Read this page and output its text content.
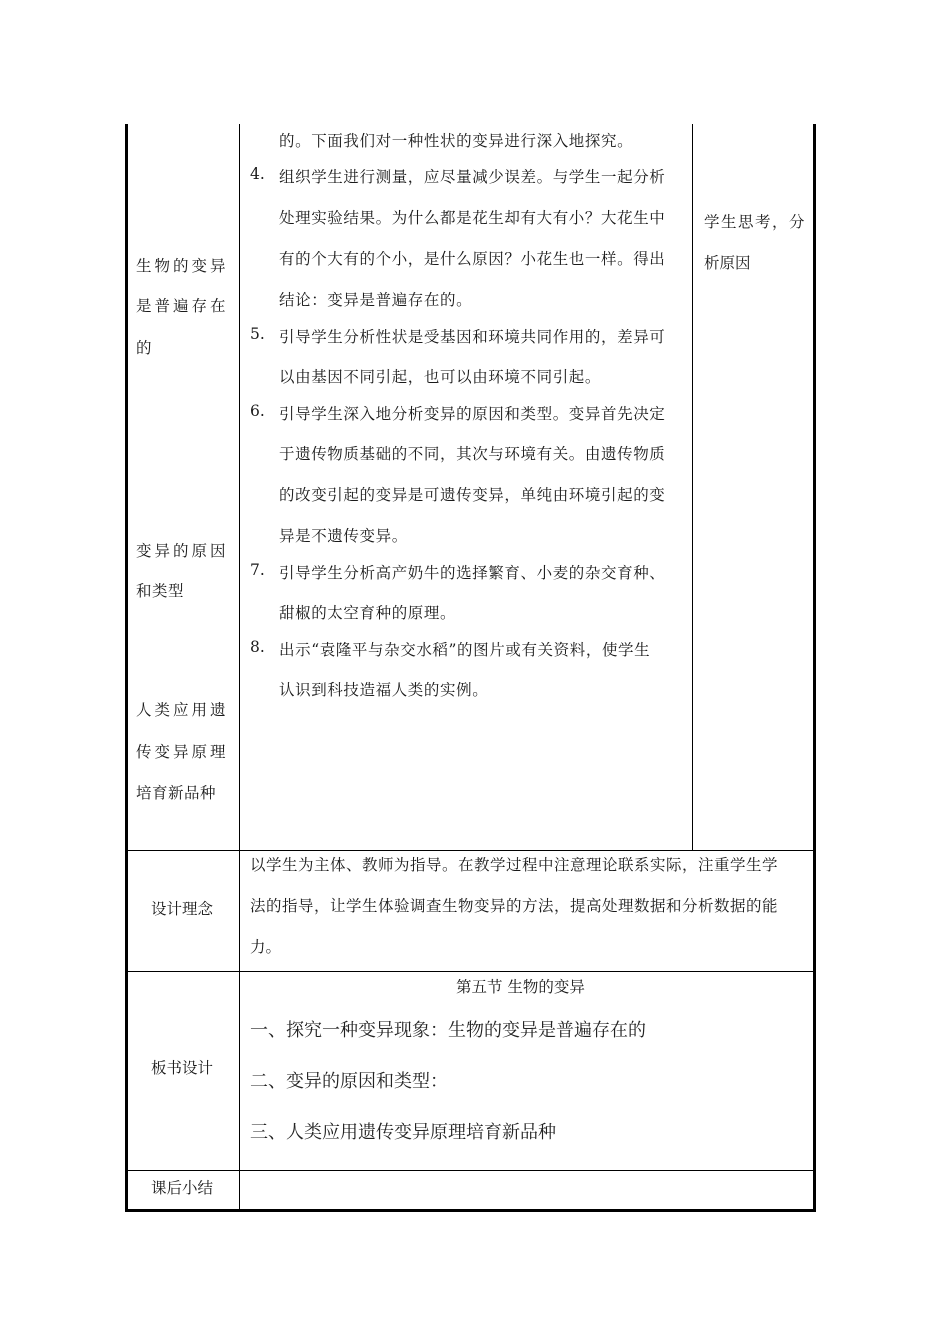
生物的变异
是普遍存在
的
变异的原因
和类型
人类应用遗
传变异原理
培育新品种
的。下面我们对一种性状的变异进行深入地探究。
4. 组织学生进行测量，应尽量减少误差。与学生一起分析
处理实验结果。为什么都是花生却有大有小？大花生中
有的个大有的个小，是什么原因？小花生也一样。得出
结论：变异是普遍存在的。
5. 引导学生分析性状是受基因和环境共同作用的，差异可
以由基因不同引起，也可以由环境不同引起。
6. 引导学生深入地分析变异的原因和类型。变异首先决定
于遗传物质基础的不同，其次与环境有关。由遗传物质
的改变引起的变异是可遗传变异，单纯由环境引起的变
异是不遗传变异。
7. 引导学生分析高产奶牛的选择繁育、小麦的杂交育种、
甜椒的太空育种的原理。
8. 出示“袁隆平与杂交水稻”的图片或有关资料，使学生
认识到科技造福人类的实例。
学生思考，分
析原因
设计理念
以学生为主体、教师为指导。在教学过程中注意理论联系实际，注重学生学
法的指导，让学生体验调查生物变异的方法，提高处理数据和分析数据的能
力。
板书设计
第五节 生物的变异
一、探究一种变异现象：生物的变异是普遍存在的
二、变异的原因和类型：
三、人类应用遗传变异原理培育新品种
课后小结
